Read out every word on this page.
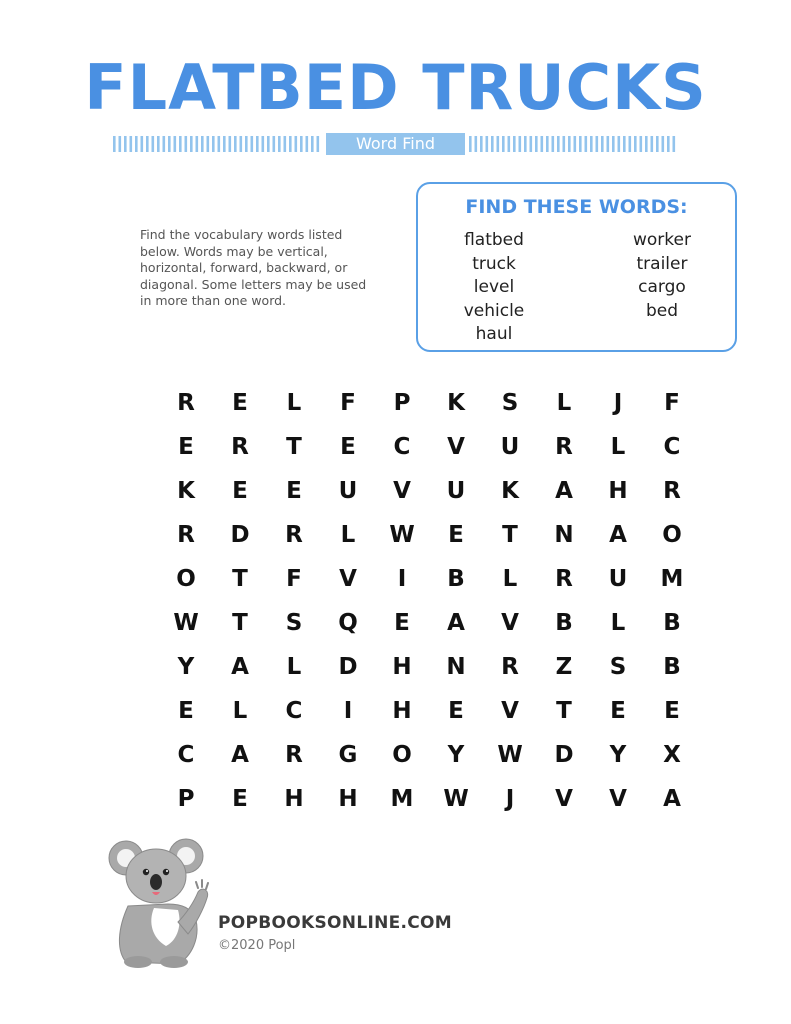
FLATBED TRUCKS
Word Find
Find the vocabulary words listed below. Words may be vertical, horizontal, forward, backward, or diagonal. Some letters may be used in more than one word.
FIND THESE WORDS:
flatbed
truck
level
vehicle
haul
worker
trailer
cargo
bed
R	E	L	F	P	K	S	L	J	F
E	R	T	E	C	V	U	R	L	C
K	E	E	U	V	U	K	A	H	R
R	D	R	L	W	E	T	N	A	O
O	T	F	V	I	B	L	R	U	M
W	T	S	Q	E	A	V	B	L	B
Y	A	L	D	H	N	R	Z	S	B
E	L	C	I	H	E	V	T	E	E
C	A	R	G	O	Y	W	D	Y	X
P	E	H	H	M	W	J	V	V	A
POPBOOKSONLINE.COM
©2020 Popl
